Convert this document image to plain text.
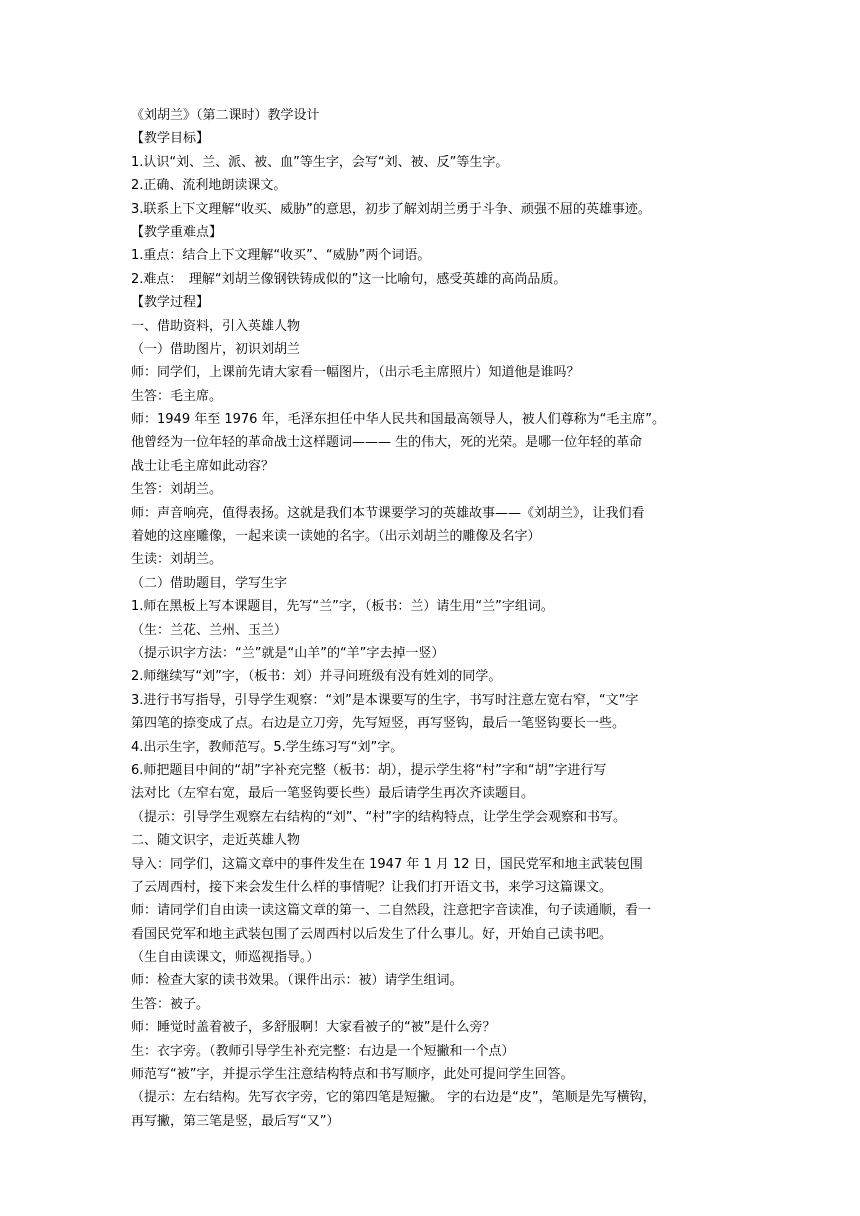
《刘胡兰》（第二课时）教学设计
【教学目标】
1.认识“刘、兰、派、被、血”等生字，会写“刘、被、反”等生字。
2.正确、流利地朗读课文。
3.联系上下文理解“收买、威胁”的意思，初步了解刘胡兰勇于斗争、顽强不屈的英雄事迹。
【教学重难点】
1.重点：结合上下文理解“收买”、“威胁”两个词语。
2.难点：　理解“刘胡兰像钢铁铸成似的”这一比喻句，感受英雄的高尚品质。
【教学过程】
一、借助资料，引入英雄人物
（一）借助图片，初识刘胡兰
师：同学们，上课前先请大家看一幅图片，（出示毛主席照片）知道他是谁吗？
生答：毛主席。
师：1949 年至 1976 年，毛泽东担任中华人民共和国最高领导人，被人们尊称为“毛主席”。
他曾经为一位年轻的革命战士这样题词——— 生的伟大，死的光荣。是哪一位年轻的革命
战士让毛主席如此动容？
生答：刘胡兰。
师：声音响亮，值得表扬。这就是我们本节课要学习的英雄故事——《刘胡兰》，让我们看
着她的这座雕像，一起来读一读她的名字。（出示刘胡兰的雕像及名字）
生读：刘胡兰。
（二）借助题目，学写生字
1.师在黑板上写本课题目，先写“兰”字，（板书：兰）请生用“兰”字组词。
（生：兰花、兰州、玉兰）
（提示识字方法：“兰”就是“山羊”的“羊”字去掉一竖）
2.师继续写“刘”字，（板书：刘）并寻问班级有没有姓刘的同学。
3.进行书写指导，引导学生观察：“刘”是本课要写的生字，书写时注意左宽右窄，“文”字
第四笔的捺变成了点。右边是立刀旁，先写短竖，再写竖钩，最后一笔竖钩要长一些。
4.出示生字，教师范写。5.学生练习写“刘”字。
6.师把题目中间的“胡”字补充完整（板书：胡），提示学生将“村”字和“胡”字进行写
法对比（左窄右宽，最后一笔竖钩要长些）最后请学生再次齐读题目。
（提示：引导学生观察左右结构的“刘”、“村”字的结构特点，让学生学会观察和书写。
二、随文识字，走近英雄人物
导入：同学们，这篇文章中的事件发生在 1947 年 1 月 12 日，国民党军和地主武装包围
了云周西村，接下来会发生什么样的事情呢？让我们打开语文书，来学习这篇课文。
师：请同学们自由读一读这篇文章的第一、二自然段，注意把字音读准，句子读通顺，看一
看国民党军和地主武装包围了云周西村以后发生了什么事儿。好，开始自己读书吧。
（生自由读课文，师巡视指导。）
师：检查大家的读书效果。（课件出示：被）请学生组词。
生答：被子。
师：睡觉时盖着被子，多舒服啊！大家看被子的“被”是什么旁？
生：衣字旁。（教师引导学生补充完整：右边是一个短撇和一个点）
师范写“被”字，并提示学生注意结构特点和书写顺序，此处可提问学生回答。
（提示：左右结构。先写衣字旁，它的第四笔是短撇。 字的右边是“皮”，笔顺是先写横钩，
再写撇，第三笔是竖，最后写“又”）
